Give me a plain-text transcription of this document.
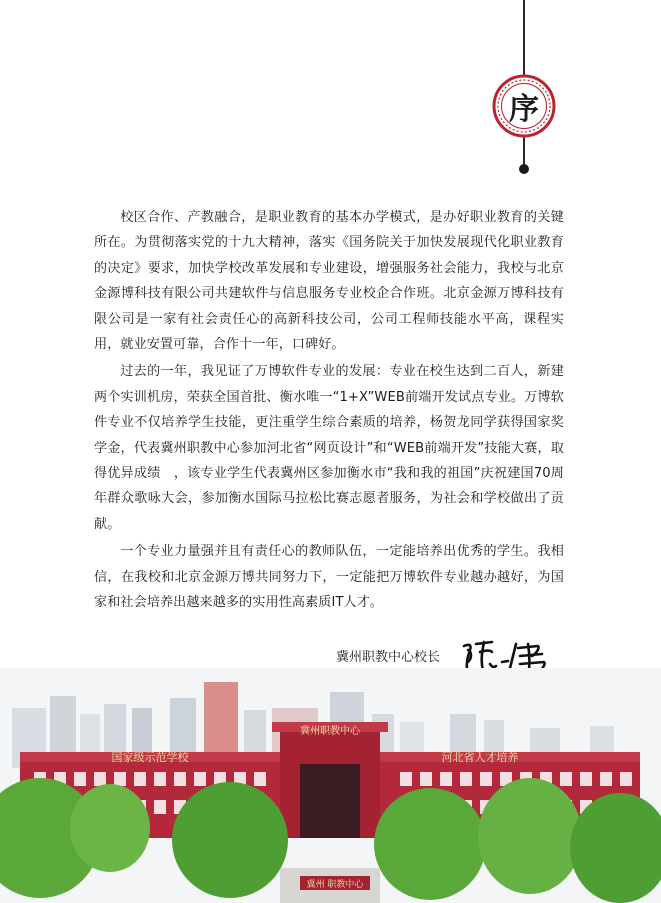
序

校区合作、产教融合，是职业教育的基本办学模式，是办好职业教育的关键所在。为贯彻落实党的十九大精神，落实《国务院关于加快发展现代化职业教育的决定》要求，加快学校改革发展和专业建设，增强服务社会能力，我校与北京金源博科技有限公司共建软件与信息服务专业校企合作班。北京金源万博科技有限公司是一家有社会责任心的高新科技公司，公司工程师技能水平高，课程实用，就业安置可靠，合作十一年，口碑好。

过去的一年，我见证了万博软件专业的发展：专业在校生达到二百人，新建两个实训机房，荣获全国首批、衡水唯一“1+X”WEB前端开发试点专业。万博软件专业不仅培养学生技能，更注重学生综合素质的培养，杨贺龙同学获得国家奖学金，代表冀州职教中心参加河北省“网页设计”和“WEB前端开发”技能大赛，取得优异成绩　，该专业学生代表冀州区参加衡水市“我和我的祖国”庆祝建国70周年群众歌咏大会，参加衡水国际马拉松比赛志愿者服务，为社会和学校做出了贡献。

一个专业力量强并且有责任心的教师队伍，一定能培养出优秀的学生。我相信，在我校和北京金源万博共同努力下，一定能把万博软件专业越办越好，为国家和社会培养出越来越多的实用性高素质IT人才。

冀州职教中心校长
国家级示范学校
冀州职教中心
河北省人才培养
冀州 职教中心
